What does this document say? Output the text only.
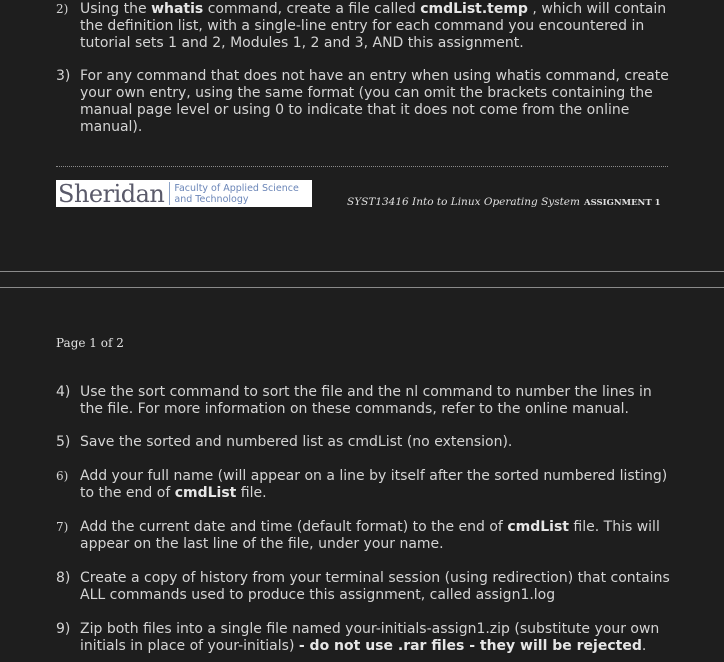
2) Using the whatis command, create a file called cmdList.temp , which will contain the definition list, with a single-line entry for each command you encountered in tutorial sets 1 and 2, Modules 1, 2 and 3, AND this assignment.
3) For any command that does not have an entry when using whatis command, create your own entry, using the same format (you can omit the brackets containing the manual page level or using 0 to indicate that it does not come from the online manual).
Sheridan Faculty of Applied Science
and Technology	SYST13416 Into to Linux Operating System ASSIGNMENT 1
Page 1 of 2
4) Use the sort command to sort the file and the nl command to number the lines in the file. For more information on these commands, refer to the online manual.
5) Save the sorted and numbered list as cmdList (no extension).
6) Add your full name (will appear on a line by itself after the sorted numbered listing) to the end of cmdList file.
7) Add the current date and time (default format) to the end of cmdList file. This will appear on the last line of the file, under your name.
8) Create a copy of history from your terminal session (using redirection) that contains ALL commands used to produce this assignment, called assign1.log
9) Zip both files into a single file named your-initials-assign1.zip (substitute your own initials in place of your-initials) - do not use .rar files - they will be rejected.
